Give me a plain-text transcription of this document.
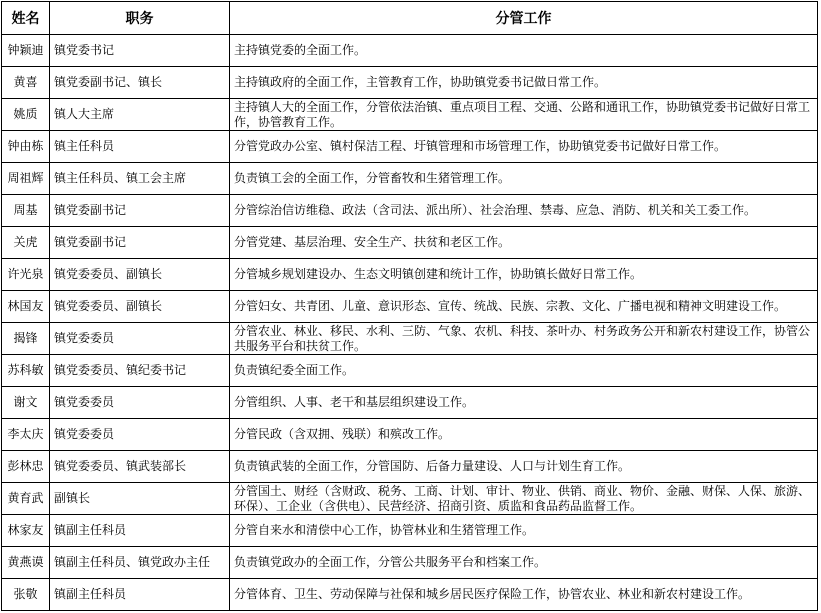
姓名	职务	分管工作
钟颖迪	镇党委书记	主持镇党委的全面工作。
黄喜	镇党委副书记、镇长	主持镇政府的全面工作，主管教育工作，协助镇党委书记做日常工作。
姚质	镇人大主席	主持镇人大的全面工作，分管依法治镇、重点项目工程、交通、公路和通讯工作，协助镇党委书记做好日常工作，协管教育工作。
钟由栋	镇主任科员	分管党政办公室、镇村保洁工程、圩镇管理和市场管理工作，协助镇党委书记做好日常工作。
周祖辉	镇主任科员、镇工会主席	负责镇工会的全面工作，分管畜牧和生猪管理工作。
周基	镇党委副书记	分管综治信访维稳、政法（含司法、派出所）、社会治理、禁毒、应急、消防、机关和关工委工作。
关虎	镇党委副书记	分管党建、基层治理、安全生产、扶贫和老区工作。
许光泉	镇党委委员、副镇长	分管城乡规划建设办、生态文明镇创建和统计工作，协助镇长做好日常工作。
林国友	镇党委委员、副镇长	分管妇女、共青团、儿童、意识形态、宣传、统战、民族、宗教、文化、广播电视和精神文明建设工作。
揭锋	镇党委委员	分管农业、林业、移民、水利、三防、气象、农机、科技、茶叶办、村务政务公开和新农村建设工作，协管公共服务平台和扶贫工作。
苏科敏	镇党委委员、镇纪委书记	负责镇纪委全面工作。
谢文	镇党委委员	分管组织、人事、老干和基层组织建设工作。
李太庆	镇党委委员	分管民政（含双拥、残联）和殡改工作。
彭林忠	镇党委委员、镇武装部长	负责镇武装的全面工作，分管国防、后备力量建设、人口与计划生育工作。
黄育武	副镇长	分管国土、财经（含财政、税务、工商、计划、审计、物业、供销、商业、物价、金融、财保、人保、旅游、环保）、工企业（含供电）、民营经济、招商引资、质监和食品药品监督工作。
林家友	镇副主任科员	分管自来水和清偿中心工作，协管林业和生猪管理工作。
黄燕谟	镇副主任科员、镇党政办主任	负责镇党政办的全面工作，分管公共服务平台和档案工作。
张敬	镇副主任科员	分管体育、卫生、劳动保障与社保和城乡居民医疗保险工作，协管农业、林业和新农村建设工作。
